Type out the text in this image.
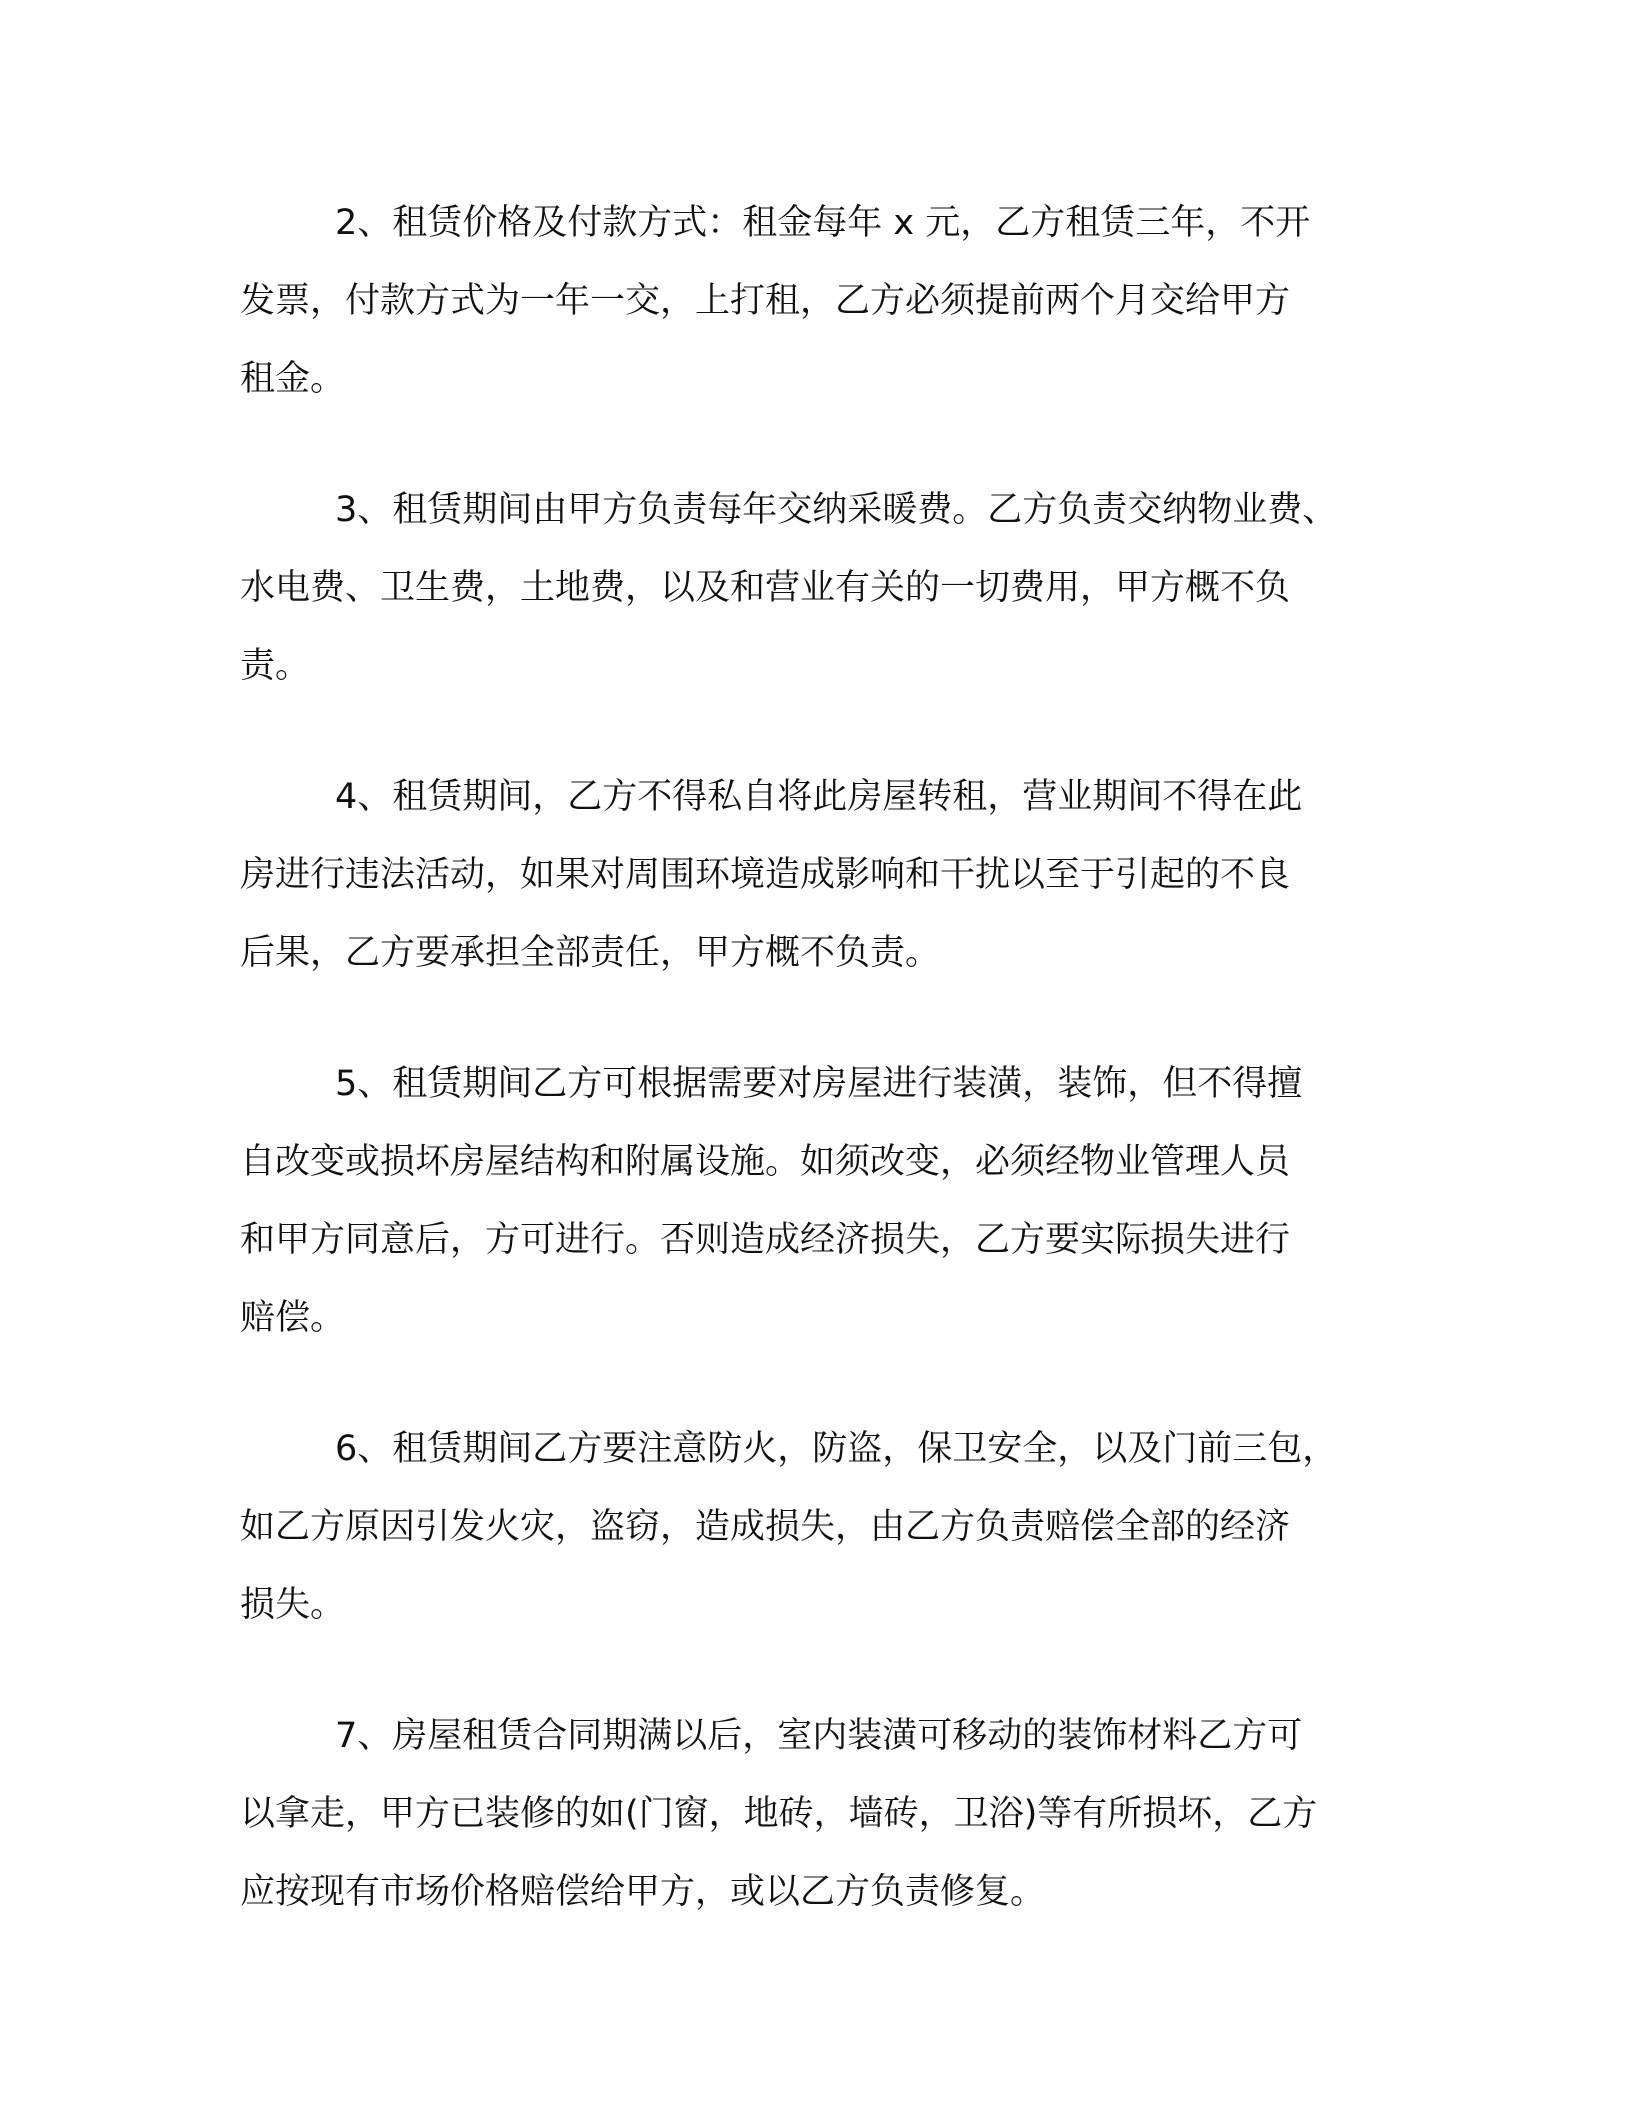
2、租赁价格及付款方式：租金每年 x 元，乙方租赁三年，不开
发票，付款方式为一年一交，上打租，乙方必须提前两个月交给甲方
租金。

3、租赁期间由甲方负责每年交纳采暖费。乙方负责交纳物业费、
水电费、卫生费，土地费，以及和营业有关的一切费用，甲方概不负
责。

4、租赁期间，乙方不得私自将此房屋转租，营业期间不得在此
房进行违法活动，如果对周围环境造成影响和干扰以至于引起的不良
后果，乙方要承担全部责任，甲方概不负责。

5、租赁期间乙方可根据需要对房屋进行装潢，装饰，但不得擅
自改变或损坏房屋结构和附属设施。如须改变，必须经物业管理人员
和甲方同意后，方可进行。否则造成经济损失，乙方要实际损失进行
赔偿。

6、租赁期间乙方要注意防火，防盗，保卫安全，以及门前三包，
如乙方原因引发火灾，盗窃，造成损失，由乙方负责赔偿全部的经济
损失。

7、房屋租赁合同期满以后，室内装潢可移动的装饰材料乙方可
以拿走，甲方已装修的如(门窗，地砖，墙砖，卫浴)等有所损坏，乙方
应按现有市场价格赔偿给甲方，或以乙方负责修复。
